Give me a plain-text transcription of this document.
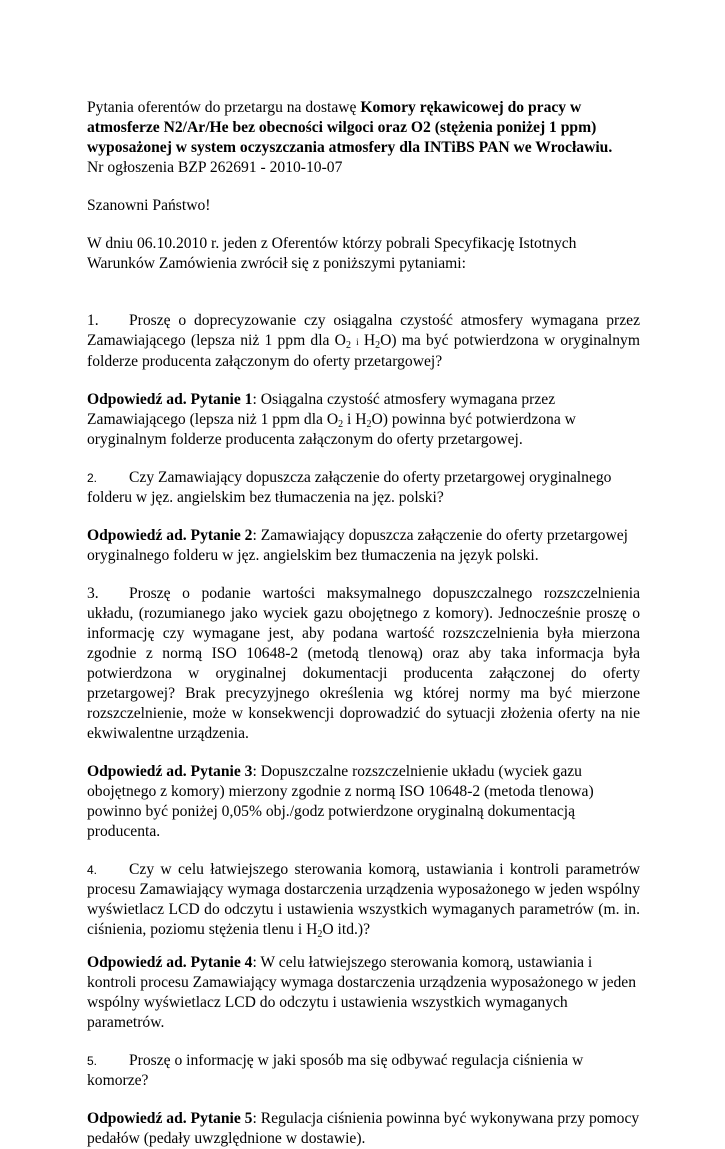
Pytania oferentów do przetargu na dostawę Komory rękawicowej do pracy w atmosferze N2/Ar/He bez obecności wilgoci oraz O2 (stężenia poniżej 1 ppm) wyposażonej w system oczyszczania atmosfery dla INTiBS PAN we Wrocławiu.

Nr ogłoszenia BZP 262691 - 2010-10-07

Szanowni Państwo!

W dniu 06.10.2010 r. jeden z Oferentów którzy pobrali Specyfikację Istotnych Warunków Zamówienia zwrócił się z poniższymi pytaniami:

1. Proszę o doprecyzowanie czy osiągalna czystość atmosfery wymagana przez Zamawiającego (lepsza niż 1 ppm dla $O_2$ i $H_2O$) ma być potwierdzona w oryginalnym folderze producenta załączonym do oferty przetargowej?

Odpowiedź ad. Pytanie 1: Osiągalna czystość atmosfery wymagana przez Zamawiającego (lepsza niż 1 ppm dla $O_2$ i $H_2O$) powinna być potwierdzona w oryginalnym folderze producenta załączonym do oferty przetargowej.

2. Czy Zamawiający dopuszcza załączenie do oferty przetargowej oryginalnego folderu w jęz. angielskim bez tłumaczenia na jęz. polski?

Odpowiedź ad. Pytanie 2: Zamawiający dopuszcza załączenie do oferty przetargowej oryginalnego folderu w jęz. angielskim bez tłumaczenia na język polski.

3. Proszę o podanie wartości maksymalnego dopuszczalnego rozszczelnienia układu, (rozumianego jako wyciek gazu obojętnego z komory). Jednocześnie proszę o informację czy wymagane jest, aby podana wartość rozszczelnienia była mierzona zgodnie z normą ISO 10648-2 (metodą tlenową) oraz aby taka informacja była potwierdzona w oryginalnej dokumentacji producenta załączonej do oferty przetargowej? Brak precyzyjnego określenia wg której normy ma być mierzone rozszczelnienie, może w konsekwencji doprowadzić do sytuacji złożenia oferty na nie ekwiwalentne urządzenia.

Odpowiedź ad. Pytanie 3: Dopuszczalne rozszczelnienie układu (wyciek gazu obojętnego z komory) mierzony zgodnie z normą ISO 10648-2 (metoda tlenowa) powinno być poniżej 0,05% obj./godz potwierdzone oryginalną dokumentacją producenta.

4. Czy w celu łatwiejszego sterowania komorą, ustawiania i kontroli parametrów procesu Zamawiający wymaga dostarczenia urządzenia wyposażonego w jeden wspólny wyświetlacz LCD do odczytu i ustawienia wszystkich wymaganych parametrów (m. in. ciśnienia, poziomu stężenia tlenu i $H_2O$ itd.)?

Odpowiedź ad. Pytanie 4: W celu łatwiejszego sterowania komorą, ustawiania i kontroli procesu Zamawiający wymaga dostarczenia urządzenia wyposażonego w jeden wspólny wyświetlacz LCD do odczytu i ustawienia wszystkich wymaganych parametrów.

5. Proszę o informację w jaki sposób ma się odbywać regulacja ciśnienia w komorze?

Odpowiedź ad. Pytanie 5: Regulacja ciśnienia powinna być wykonywana przy pomocy pedałów (pedały uwzględnione w dostawie).
